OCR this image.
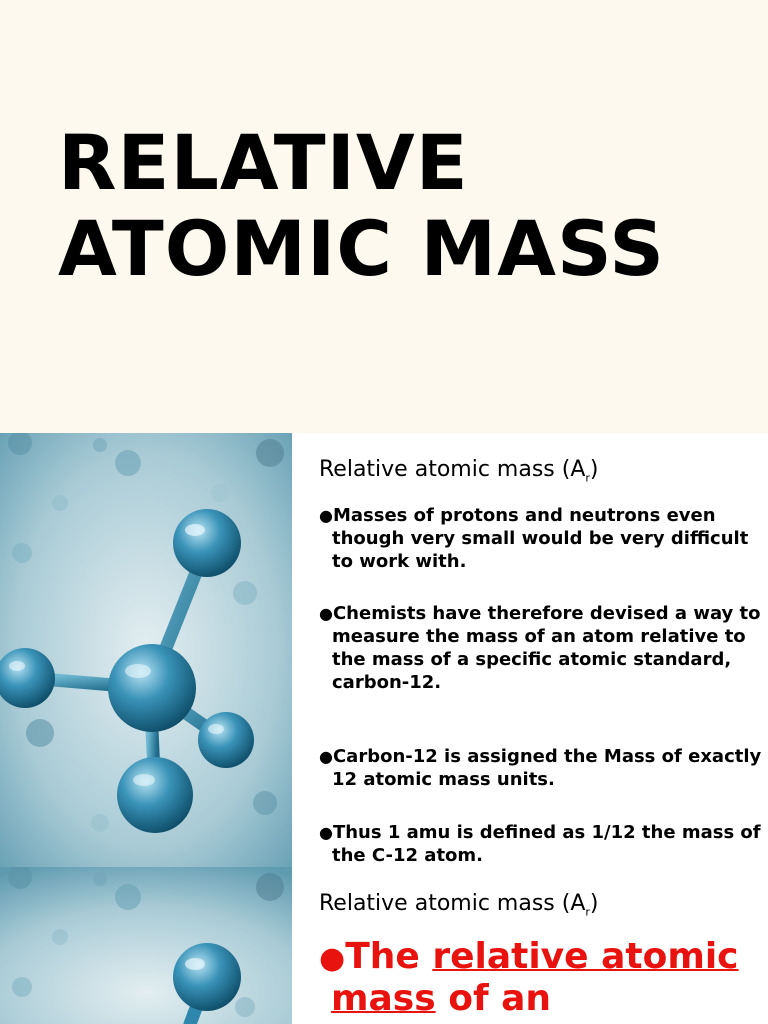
RELATIVE
ATOMIC MASS
Relative atomic mass $(A_r)$

●Masses of protons and neutrons even though very small would be very difficult to work with.

●Chemists have therefore devised a way to measure the mass of an atom relative to the mass of a specific atomic standard, carbon-12.

●Carbon-12 is assigned the Mass of exactly 12 atomic mass units.

●Thus 1 amu is defined as 1/12 the mass of the C-12 atom.

Relative atomic mass $(A_r)$

●The relative atomic mass of an
